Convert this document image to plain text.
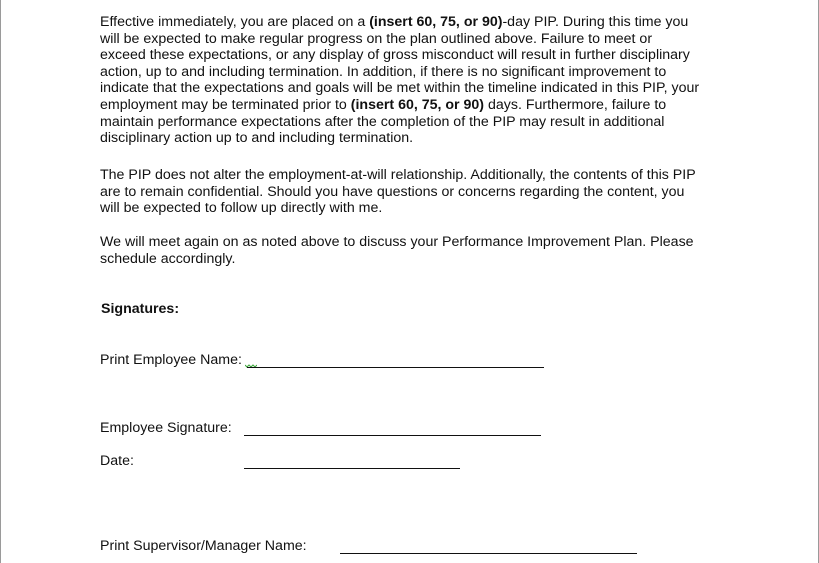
Effective immediately, you are placed on a (insert 60, 75, or 90)-day PIP. During this time you
will be expected to make regular progress on the plan outlined above. Failure to meet or
exceed these expectations, or any display of gross misconduct will result in further disciplinary
action, up to and including termination. In addition, if there is no significant improvement to
indicate that the expectations and goals will be met within the timeline indicated in this PIP, your
employment may be terminated prior to (insert 60, 75, or 90) days. Furthermore, failure to
maintain performance expectations after the completion of the PIP may result in additional
disciplinary action up to and including termination.
The PIP does not alter the employment-at-will relationship. Additionally, the contents of this PIP
are to remain confidential. Should you have questions or concerns regarding the content, you
will be expected to follow up directly with me.
We will meet again on as noted above to discuss your Performance Improvement Plan. Please
schedule accordingly.
Signatures:
Print Employee Name:
Employee Signature:
Date:
Print Supervisor/Manager Name:
